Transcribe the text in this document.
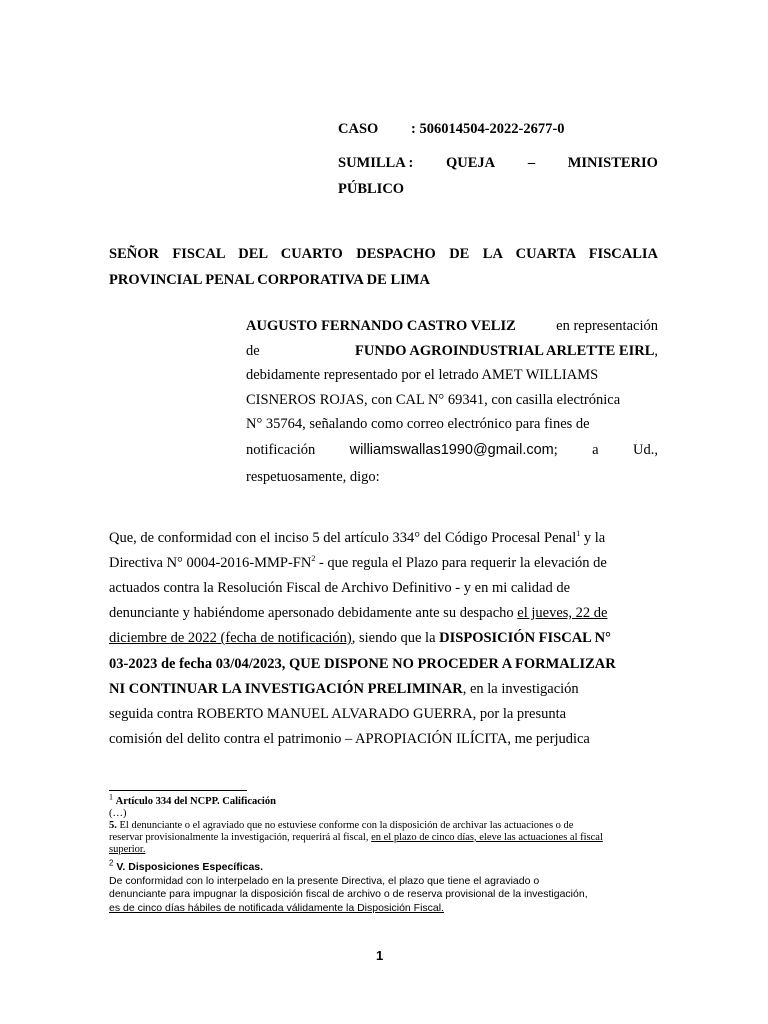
CASO : 506014504-2022-2677-0
SUMILLA : QUEJA – MINISTERIO
PÚBLICO
SEÑOR FISCAL DEL CUARTO DESPACHO DE LA CUARTA FISCALIA
PROVINCIAL PENAL CORPORATIVA DE LIMA
AUGUSTO FERNANDO CASTRO VELIZ	en representación
de	FUNDO AGROINDUSTRIAL ARLETTE EIRL,
debidamente representado por el letrado AMET WILLIAMS
CISNEROS ROJAS, con CAL N° 69341, con casilla electrónica
N° 35764, señalando como correo electrónico para fines de
notificación williamswallas1990@gmail.com; a Ud.,
respetuosamente, digo:
Que, de conformidad con el inciso 5 del artículo 334° del Código Procesal Penal$^1$ y la
Directiva N° $0004-2016-MMP-FN^2$ - que regula el Plazo para requerir la elevación de
actuados contra la Resolución Fiscal de Archivo Definitivo - y en mi calidad de
denunciante y habiéndome apersonado debidamente ante su despacho el jueves, 22 de
diciembre de 2022 (fecha de notificación), siendo que la DISPOSICIÓN FISCAL N°
03-2023 de fecha 03/04/2023, QUE DISPONE NO PROCEDER A FORMALIZAR
NI CONTINUAR LA INVESTIGACIÓN PRELIMINAR, en la investigación
seguida contra ROBERTO MANUEL ALVARADO GUERRA, por la presunta
comisión del delito contra el patrimonio – APROPIACIÓN ILÍCITA, me perjudica
$^1$ Artículo 334 del NCPP. Calificación
(…)
5. El denunciante o el agraviado que no estuviese conforme con la disposición de archivar las actuaciones o de
reservar provisionalmente la investigación, requerirá al fiscal, en el plazo de cinco días, eleve las actuaciones al fiscal
superior.
$^2$ V. Disposiciones Específicas.
De conformidad con lo interpelado en la presente Directiva, el plazo que tiene el agraviado o
denunciante para impugnar la disposición fiscal de archivo o de reserva provisional de la investigación,
es de cinco días hábiles de notificada válidamente la Disposición Fiscal.
1
